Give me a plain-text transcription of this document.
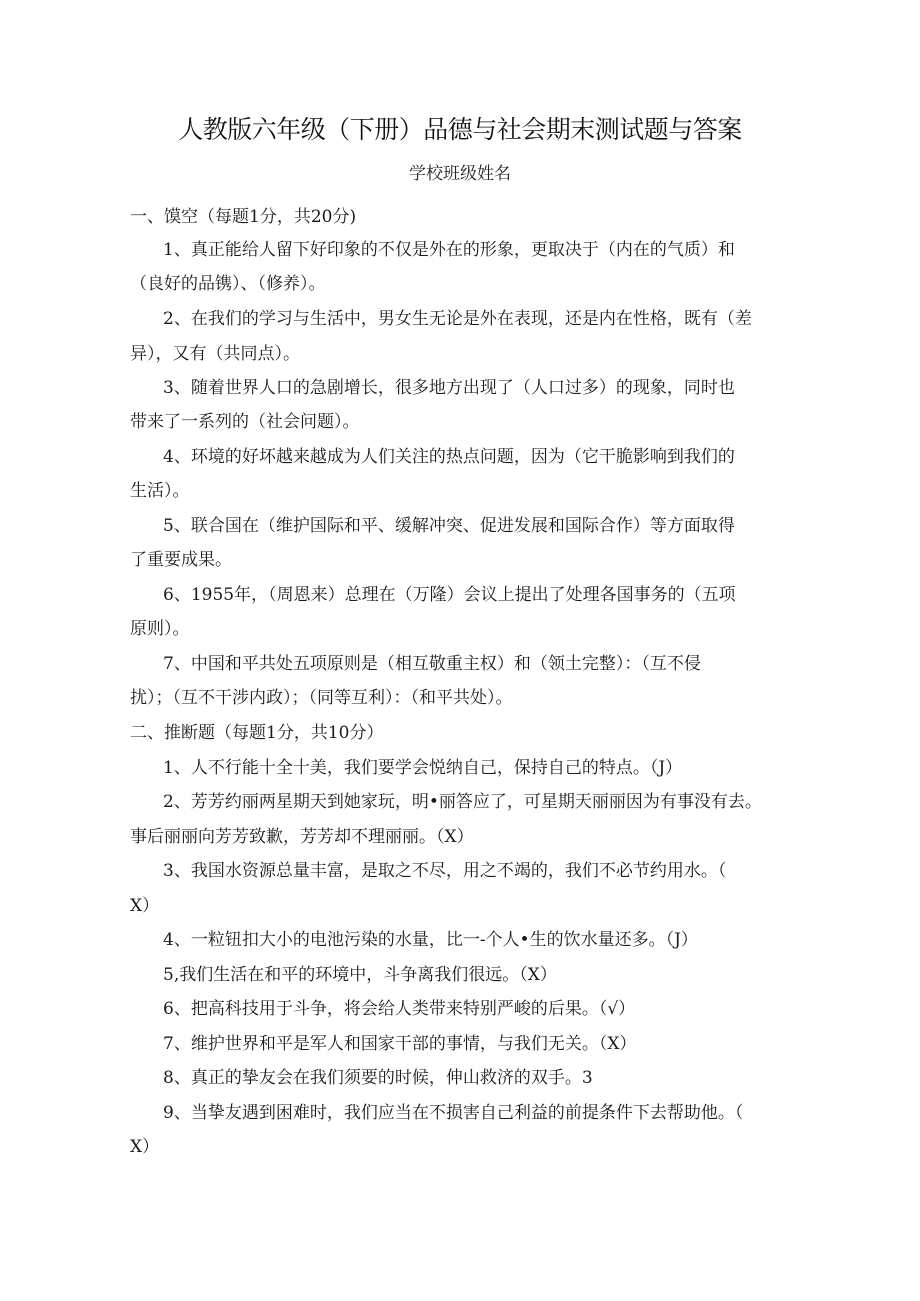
人教版六年级（下册）品德与社会期末测试题与答案
学校班级姓名
一、馍空（每题1分，共20分)
1、真正能给人留下好印象的不仅是外在的形象，更取决于（内在的气质）和
（良好的品镌）、（修养）。
2、在我们的学习与生活中，男女生无论是外在表现，还是内在性格，既有（差
异），又有（共同点）。
3、随着世界人口的急剧增长，很多地方出现了（人口过多）的现象，同时也
带来了一系列的（社会问题）。
4、环境的好坏越来越成为人们关注的热点问题，因为（它干脆影响到我们的
生活）。
5、联合国在（维护国际和平、缓解冲突、促进发展和国际合作）等方面取得
了重要成果。
6、1955年，（周恩来）总理在（万隆）会议上提出了处理各国事务的（五项
原则）。
7、中国和平共处五项原则是（相互敬重主权）和（领土完整）：（互不侵
扰）；（互不干涉内政）；（同等互利）：（和平共处）。
二、推断题（每题1分，共10分）
1、人不行能十全十美，我们要学会悦纳自己，保持自己的特点。（J）
2、芳芳约丽两星期天到她家玩，明•丽答应了，可星期天丽丽因为有事没有去。
事后丽丽向芳芳致歉，芳芳却不理丽丽。（X）
3、我国水资源总量丰富，是取之不尽，用之不竭的，我们不必节约用水。（
X）
4、一粒钮扣大小的电池污染的水量，比一-个人•生的饮水量还多。（J）
5,我们生活在和平的环境中，斗争离我们很远。（X）
6、把高科技用于斗争，将会给人类带来特别严峻的后果。（√）
7、维护世界和平是军人和国家干部的事情，与我们无关。（X）
8、真正的挚友会在我们须要的时候，伸山救济的双手。3
9、当挚友遇到困难时，我们应当在不损害自己利益的前提条件下去帮助他。（
X）
